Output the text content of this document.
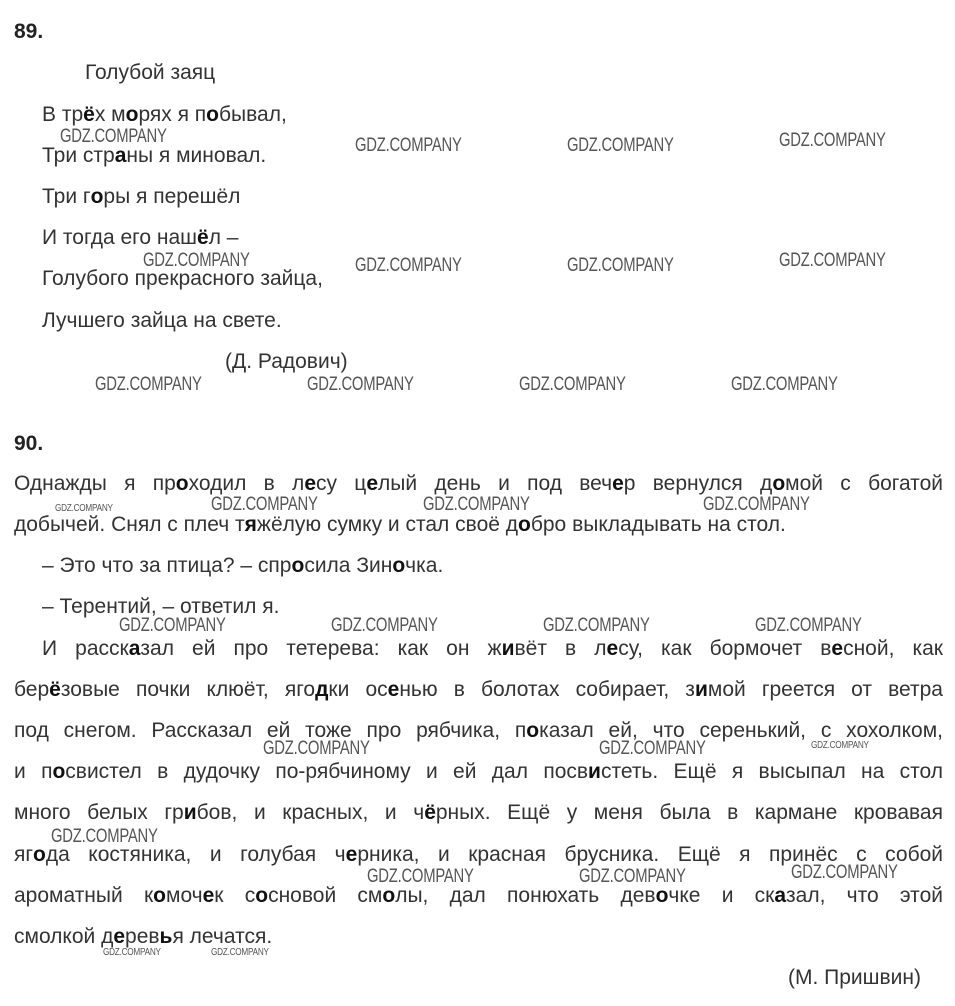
89.
Голубой заяц
В трёх морях я побывал,
Три страны я миновал.
Три горы я перешёл
И тогда его нашёл –
Голубого прекрасного зайца,
Лучшего зайца на свете.
(Д. Радович)
90.
Однажды я проходил в лесу целый день и под вечер вернулся домой с богатой
добычей. Снял с плеч тяжёлую сумку и стал своё добро выкладывать на стол.
– Это что за птица? – спросила Зиночка.
– Терентий, – ответил я.
И рассказал ей про тетерева: как он живёт в лесу, как бормочет весной, как
берёзовые почки клюёт, ягодки осенью в болотах собирает, зимой греется от ветра
под снегом. Рассказал ей тоже про рябчика, показал ей, что серенький, с хохолком,
и посвистел в дудочку по-рябчиному и ей дал посвистеть. Ещё я высыпал на стол
много белых грибов, и красных, и чёрных. Ещё у меня была в кармане кровавая
ягода костяника, и голубая черника, и красная брусника. Ещё я принёс с собой
ароматный комочек сосновой смолы, дал понюхать девочке и сказал, что этой
смолкой деревья лечатся.
(М. Пришвин)
GDZ.COMPANY	GDZ.COMPANY	GDZ.COMPANY	GDZ.COMPANY
GDZ.COMPANY	GDZ.COMPANY	GDZ.COMPANY	GDZ.COMPANY
GDZ.COMPANY	GDZ.COMPANY	GDZ.COMPANY	GDZ.COMPANY
GDZ.COMPANY	GDZ.COMPANY	GDZ.COMPANY	GDZ.COMPANY
GDZ.COMPANY	GDZ.COMPANY	GDZ.COMPANY	GDZ.COMPANY
GDZ.COMPANY	GDZ.COMPANY	GDZ.COMPANY
GDZ.COMPANY
GDZ.COMPANY	GDZ.COMPANY	GDZ.COMPANY
GDZ.COMPANY	GDZ.COMPANY
